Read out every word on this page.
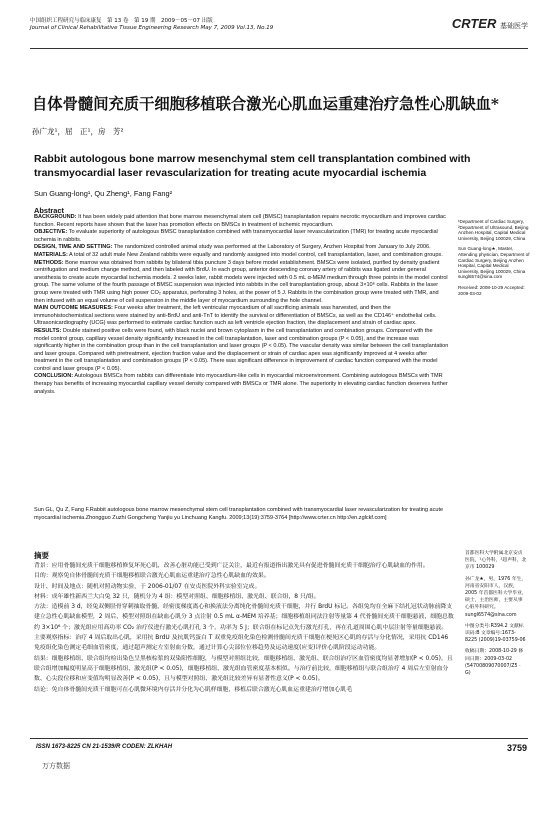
中国组织工程研究与临床康复　第 13 卷　第 19 期　2009－05－07 出版
Journal of Clinical Rehabilitative Tissue Engineering Research May 7, 2009 Vol.13, No.19	CRTER 基础医学
自体骨髓间充质干细胞移植联合激光心肌血运重建治疗急性心肌缺血*
孙广龙¹，屈　正¹，房　芳²
Rabbit autologous bone marrow mesenchymal stem cell transplantation combined with transmyocardial laser revascularization for treating acute myocardial ischemia
Sun Guang-long¹, Qu Zheng¹, Fang Fang²
Abstract

BACKGROUND: It has been widely paid attention that bone marrow mesenchymal stem cell (BMSC) transplantation repairs necrotic myocardium and improves cardiac function. Recent reports have shown that the laser has promotion effects on BMSCs in treatment of ischemic myocardium.

OBJECTIVE: To evaluate superiority of autologous BMSC transplantation combined with transmyocardial laser revascularization (TMR) for treating acute myocardial ischemia in rabbits.

DESIGN, TIME AND SETTING: The randomized controlled animal study was performed at the Laboratory of Surgery, Anzhen Hospital from January to July 2006.

MATERIALS: A total of 32 adult male New Zealand rabbits were equally and randomly assigned into model control, cell transplantation, laser, and combination groups.

METHODS: Bone marrow was obtained from rabbits by bilateral tibia puncture 3 days before model establishment. BMSCs were isolated, purified by density gradient centrifugation and medium change method, and then labeled with BrdU. In each group, anterior descending coronary artery of rabbits was ligated under general anesthesia to create acute myocardial ischemia models. 2 weeks later, rabbit models were injected with 0.5 mL α-MEM medium through three points in the model control group. The same volume of the fourth passage of BMSC suspension was injected into rabbits in the cell transplantation group, about 3×10⁶ cells. Rabbits in the laser group were treated with TMR using high power CO₂ apparatus, perforating 3 holes, at the power of 5 J. Rabbits in the combination group were treated with TMR, and then infused with an equal volume of cell suspension in the middle layer of myocardium surrounding the hole channel.

MAIN OUTCOME MEASURES: Four weeks after treatment, the left ventricular myocardium of all sacrificing animals was harvested, and then the immunohistochemistical sections were stained by anti-BrdU and anti-TnT to identify the survival or differentiation of BMSCs, as well as the CD146⁺ endothelial cells. Ultrasonicardiography (UCG) was performed to estimate cardiac function such as left ventricle ejection fraction, the displacement and strain of cardiac apex.

RESULTS: Double stained positive cells were found, with black nuclei and brown cytoplasm in the cell transplantation and combination groups. Compared with the model control group, capillary vessel density significantly increased in the cell transplantation, laser and combination groups (P < 0.05), and the increase was significantly higher in the combination group than in the cell transplantation and laser groups (P < 0.05). The vascular density was similar between the cell transplantation and laser groups. Compared with pretreatment, ejection fraction value and the displacement or strain of cardiac apex was significantly improved at 4 weeks after treatment in the cell transplantation and combination groups (P < 0.05). There was significant difference in improvement of cardiac function compared with the model control and laser groups (P < 0.05).

CONCLUSION: Autologous BMSCs from rabbits can differentiate into myocardium-like cells in myocardial microenvironment. Combining autologous BMSCs with TMR therapy has benefits of increasing myocardial capillary vessel density compared with BMSCs or TMR alone. The superiority in elevating cardiac function deserves further analysis.

¹Department of Cardiac Surgery, ²Department of Ultrasound, Beijing Anzhen Hospital, Capital Medical University, Beijing 100029, China

Sun Guang-long★, Master, Attending physician, Department of Cardiac Surgery, Beijing Anzhen Hospital, Capital Medical University, Beijing 100029, China sungl6574@sina.com

Received: 2008-10-29 Accepted: 2009-03-02

Sun GL, Qu Z, Fang F.Rabbit autologous bone marrow mesenchymal stem cell transplantation combined with transmyocardial laser revascularization for treating acute myocardial ischemia.Zhongguo Zuzhi Gongcheng Yanjiu yu Linchuang Kangfu. 2009;13(19):3759-3764 [http://www.crter.cn http://en.zglckf.com]
摘要

背景：应用骨髓间充质干细胞移植修复坏死心肌，改善心脏功能已受到广泛关注，最近有报道指出激光具有促进骨髓间充质干细胞治疗心肌缺血的作用。

目的：观察免自体骨髓间充质干细胞移植联合激光心肌血运重建治疗急性心肌缺血的效果。

设计、时间及地点：随机对照动物实验，于 2006-01/07 在安贞医院外科实验室完成。

材料：成年雄性新西兰大白兔 32 只，随机分为 4 组：模型对照组、细胞移植组、激光组、联合组，8 只/组。

方法：造模前 3 d，经兔双侧胫骨穿刺抽取骨髓，经密度梯度离心和换液法分离纯化骨髓间充质干细胞，并行 BrdU 标记。各组兔均在全麻下结扎冠状动脉前降支建立急性心肌缺血模型，2 周后，模型对照组在缺血心肌分 3 点注射 0.5 mL α-MEM 培养基；细胞移植组同法注射等量第 4 代骨髓间充质干细胞悬液，细胞总数约 3×10⁶ 个；激光组应用高功率 CO₂ 治疗仪进行激光心肌打孔 3 个，功率为 5 J；联合组在标记点先行激光打孔，再在孔道周围心肌中层注射等量细胞悬液。

主要观察指标：治疗 4 周后取出心肌，采用抗 BrdU 及抗肌钙蛋白 T 双重免疫组化染色检测骨髓间充质干细胞在梗死区心肌的存活与分化情况，采用抗 CD146 免疫组化染色测定毛细血管密度，通过超声测定左室射血分数，通过计算心尖部位位移趋势及运动速度(应变)评价心肌阶段运动功能。

结果：细胞移植组、联合组均检出染色呈黑核棕浆的双染阳性细胞，与模型对照组比较，细胞移植组、激光组、联合组治疗区血管密度均显著增加(P < 0.05)，且联合组增加幅度明显高于细胞移植组、激光组(P < 0.05)，细胞移植组、激光组血管密度基本相似。与治疗前比较，细胞移植组与联合组治疗 4 周后左室射血分数、心尖段位移和应变值均明显改善(P < 0.05)，且与模型对照组、激光组比较差异有显著性意义(P < 0.05)。

结论：免自体骨髓间充质干细胞可在心肌微环境内存活并分化为心肌样细胞，移植后联合激光心肌血运重建治疗增加心肌毛

首都医科大学附属北京安贞医院，¹心外科，²超声科，北京市 100029

孙广龙★，男，1976 年生，河南省安阳市人，汉族，2005 年首都医科大学毕业，硕士，主治医师，主要从事心脏外科研究。sungl6574@sina.com

中图分类号:R394.2 文献标识码:B 文章编号:1673-8225 (2009)19-03759-06

收稿日期：2008-10-29 修回日期：2009-03-02 (54700809070007/Z5 · G)

ISSN 1673-8225 CN 21-1539/R CODEN: ZLKHAH	3759
万方数据
